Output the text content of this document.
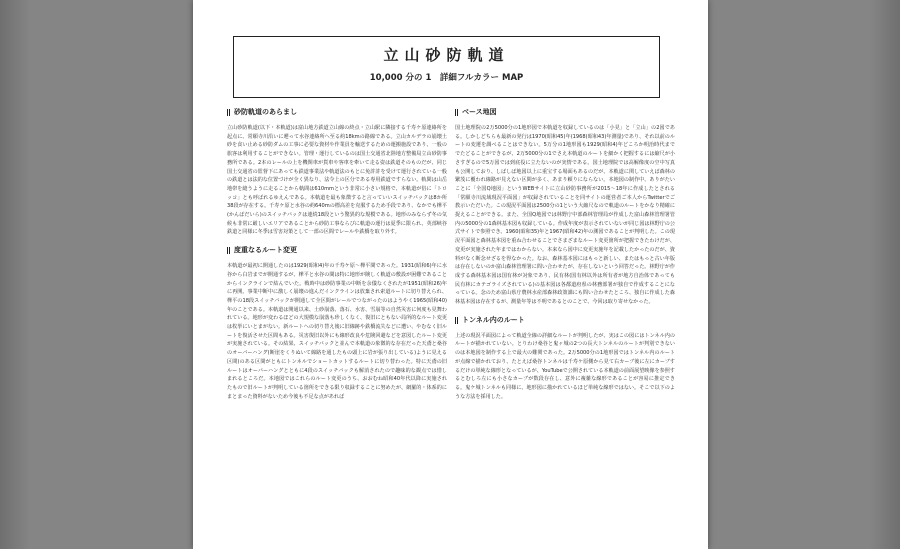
立山砂防軌道
10,000 分の 1　詳細フルカラー MAP
砂防軌道のあらまし

立山砂防軌道(以下・本軌道)は富山地方鉄道立山線の終点・立山駅に隣接する千寿ケ原連絡所を起点に、常願寺川沿いに遡って水谷連絡所へ至る約18kmの路線である。立山カルデラの崩壊土砂を食い止める砂防ダムの工事に必要な資材や作業員を輸送するための運搬施設であり、一般の旅客は利用することができない。管理・運行しているのは国土交通省北陸地方整備局立山砂防事務所である。2本のレールの上を機関車が貨車や客車を牽いて走る姿は鉄道そのものだが、同じ国土交通省の監督下にあっても鉄道事業法や軌道法のもとに免許許を受けて運行されている一般の鉄道とは法的な位置づけが全く異なり、法令上の区分である専用鉄道ですらない。軌間は山岳地帯を縫うように走ることから軌間は610mmという非常に小さい規格で、本軌道が俗に「トロッコ」とも呼ばれるゆえんである。本軌道を最も象徴すると言っていいスイッチバックは8か所38段が存在する。千寿ケ原と水谷の約640mの標高差を克服するため手段であり、なかでも樺平(かんばだいら)のスイッチバックは連続18段という驚異的な規模である。地形のみならず冬の気候も非常に厳しいエリアであることから砂防工事ならびに軌道の運行は夏季に限られ、英部峡谷鉄道と同様に冬季は雪害対策として一部の区間でレールや鉄橋を取り外す。

度重なるルート変更

本軌道が最初に開通したのは1929(昭和4)年の千寿ケ原～樺平間であった。1931(昭和6)年に水谷から白岩までが開通するが、樺平と水谷の間は特に地形が険しく軌道の敷設が困難であることからインクラインで結んでいた。戦時中は砂防事業の中断を余儀なくされたが1951(昭和26)年に再開。事業中断中に激しく崩壊の進んだインクラインは放棄され索道ルートに切り替えられ、樺平の18段スイッチバックが開通して全区間がレールでつながったのはようやく1965(昭和40)年のことである。本軌道は開通以来、土砂崩落、落石、水害、雪崩等の自然災害に何度も見舞われている。地形が変わるほどの大規模な崩落も珍しくなく、復旧にともない局所的なルート変更は枚挙にいとまがない。新ルートへの切り替え後に旧線跡や鉄橋流失などに遭い、やむなく旧ルートを復活させた区間もある。災害復旧以外にも線形改良や危険回避などを意図したルート変更が実施されている。その結果、スイッチバックと並んで本軌道の象徴的な存在だった天鳶と桑谷のオーバーハング(断崖をくりぬいて線路を通したもの頭上に岩が張り出している)ように見える区間)のある区間がともにトンネルでショートカットするルートに切り替わった。特に天鳶の旧ルートはオーバーハングとともに4段のスイッチバックも解消されたので趣味的な観点では惜しまれるところだ。本地図ではこれらのルート変更のうち、おおむね昭和40年代以降に実施されたもので旧ルートが判明している箇所をできる限り収録することに努めたが、網羅的・体系的にまとまった資料がないため今後も不足な点があれば

ベース地図

国土地理院の2万5000分の1地形図で本軌道を収録しているのは「小見」と「立山」の2図である。しかしどちらも最新の発行は1970(昭和45)年(1968(昭和43)年測量)であり、それ以前のルートの変遷を調べることはできない。5万分の1地形図も1929(昭和4)年どころか明治時代まででたどることができるが、2万5000分の1でさえ本軌道のルートを細かく把握するには縮尺が小さすぎるので5万図では到底役に立たないのが実情である。国土地理院では高解像度の空中写真も公開しており、しばしば地図以上に重宝する場面もあるのだが、本軌道に関していえば森林の繁茂に覆われ線路が見えない区間が多く、あまり頼りにならない。本地図の制作中、ありがたいことに「全国Q地図」というWEBサイトに立山砂防事務所が2015～18年に作成したとされる「常願寺川流域現況平面図」が収録されていることを同サイトの運営者ご本人からTwitterでご教示いただいた。この現況平面図は2500分の1という大縮尺なので軌道のルートをかなり精確に捉えることができる。また、全国Q地図では林野庁中部森林管理局が作成した富山森林管理署管内の5000分の1森林基本図も収録している。作成年度が表示されていないが同じ図は林野庁の公式サイトで参照でき、1960(昭和35)年と1967(昭和42)年の測図であることが判明した。この現況平面図と森林基本図を重ね合わせることでさまざまなルート変更箇所が把握できたわけだが、変更が実施された年まではわからない。本来なら図中に変更実施年を記載したかったのだが、資料がなく断念せざるを得なかった。なお、森林基本図にはもっと新しい、またはもっと古い年版は存在しないのか富山森林管理署に問い合わせたが、存在しないという回答だった。林野庁が作成する森林基本図は国有林が対象であり、民有林(国有林以外は所有者が地方自治体であっても民有林にカテゴライズされている)の基本図は各都道府県の林務部署が独自で作成することになっている。念のため富山県庁農林水産部森林政策課にも問い合わせたところ、独自に作成した森林基本図は存在するが、測量年等は不明であるとのことで、今回は取り寄せなかった。

トンネル内のルート

上述の現況平面図によって軌道全線の詳細なルートが判明したが、実はこの図にはトンネル内のルートが描かれていない。とりわけ桑谷と鬼ヶ城の2つの長大トンネルのルートが判別できないのは本地図を制作する上で最大の難関であった。2万5000分の1地形図ではトンネル内のルートが点線で描かれており、たとえば桑谷トンネルは千寿ケ原側から見て右カーブ後に左にカーブするだけの単純な線形となっているが、YouTubeで公開されている本軌道の前面展望映像を参照するとむしろ左にも小さなカーブが数段存在し、意外に複雑な線形であることが容易に推定できる。鬼ケ城トンネルも同様に、地形図に描かれているほど単純な線形ではない。そこで以下のような方法を採用した。
